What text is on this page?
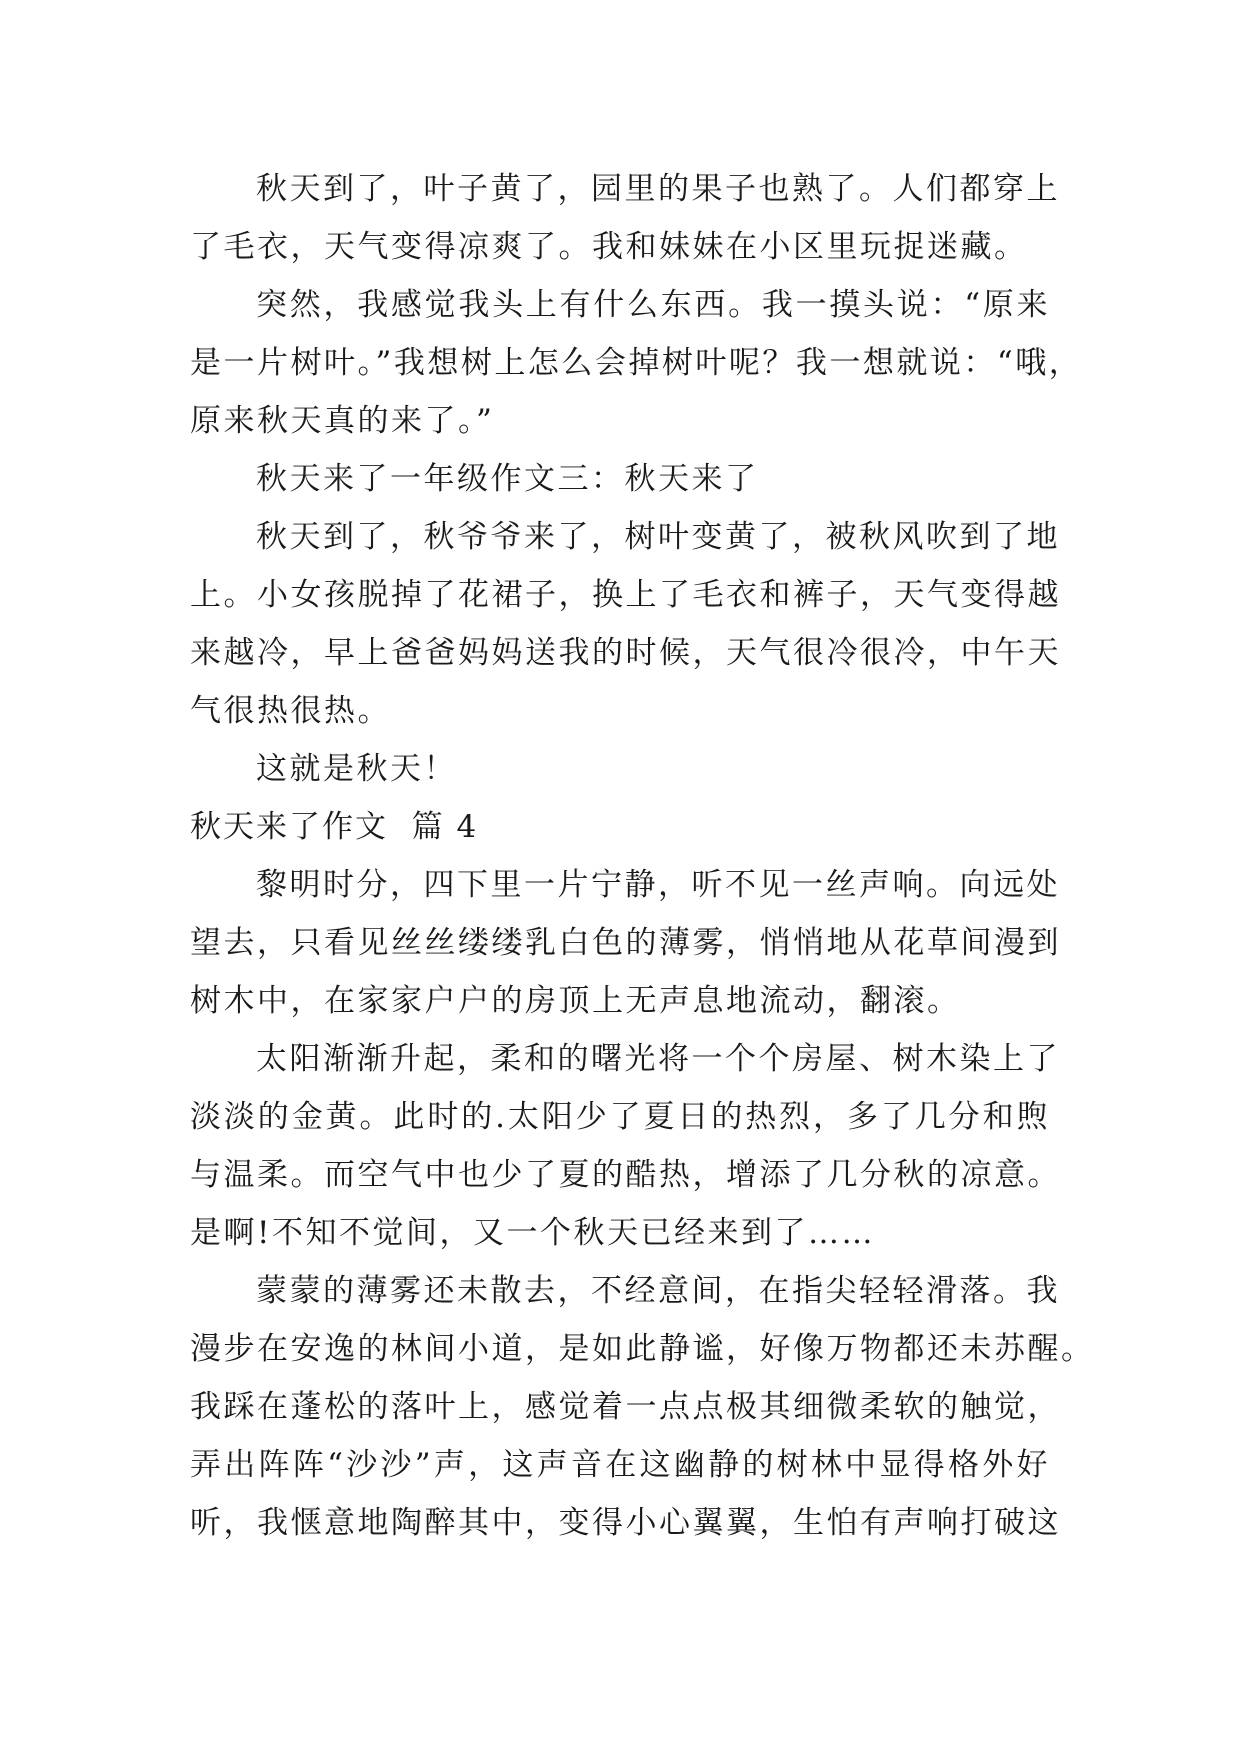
秋天到了，叶子黄了，园里的果子也熟了。人们都穿上
了毛衣，天气变得凉爽了。我和妹妹在小区里玩捉迷藏。
突然，我感觉我头上有什么东西。我一摸头说：“原来
是一片树叶。”我想树上怎么会掉树叶呢？我一想就说：“哦，
原来秋天真的来了。”
秋天来了一年级作文三：秋天来了
秋天到了，秋爷爷来了，树叶变黄了，被秋风吹到了地
上。小女孩脱掉了花裙子，换上了毛衣和裤子，天气变得越
来越冷，早上爸爸妈妈送我的时候，天气很冷很冷，中午天
气很热很热。
这就是秋天！
秋天来了作文  篇 4
黎明时分，四下里一片宁静，听不见一丝声响。向远处
望去，只看见丝丝缕缕乳白色的薄雾，悄悄地从花草间漫到
树木中，在家家户户的房顶上无声息地流动，翻滚。
太阳渐渐升起，柔和的曙光将一个个房屋、树木染上了
淡淡的金黄。此时的.太阳少了夏日的热烈，多了几分和煦
与温柔。而空气中也少了夏的酷热，增添了几分秋的凉意。
是啊!不知不觉间，又一个秋天已经来到了……
蒙蒙的薄雾还未散去，不经意间，在指尖轻轻滑落。我
漫步在安逸的林间小道，是如此静谧，好像万物都还未苏醒。
我踩在蓬松的落叶上，感觉着一点点极其细微柔软的触觉，
弄出阵阵“沙沙”声，这声音在这幽静的树林中显得格外好
听，我惬意地陶醉其中，变得小心翼翼，生怕有声响打破这
